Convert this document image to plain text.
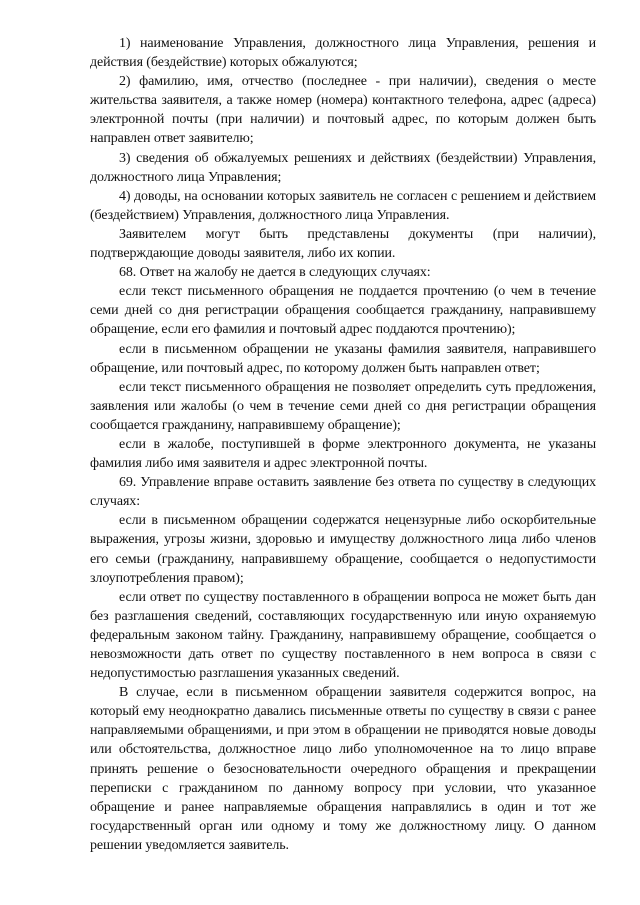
1) наименование Управления, должностного лица Управления, решения и действия (бездействие) которых обжалуются;

2) фамилию, имя, отчество (последнее - при наличии), сведения о месте жительства заявителя, а также номер (номера) контактного телефона, адрес (адреса) электронной почты (при наличии) и почтовый адрес, по которым должен быть направлен ответ заявителю;

3) сведения об обжалуемых решениях и действиях (бездействии) Управления, должностного лица Управления;

4) доводы, на основании которых заявитель не согласен с решением и действием (бездействием) Управления, должностного лица Управления.

Заявителем могут быть представлены документы (при наличии), подтверждающие доводы заявителя, либо их копии.

68. Ответ на жалобу не дается в следующих случаях:

если текст письменного обращения не поддается прочтению (о чем в течение семи дней со дня регистрации обращения сообщается гражданину, направившему обращение, если его фамилия и почтовый адрес поддаются прочтению);

если в письменном обращении не указаны фамилия заявителя, направившего обращение, или почтовый адрес, по которому должен быть направлен ответ;

если текст письменного обращения не позволяет определить суть предложения, заявления или жалобы (о чем в течение семи дней со дня регистрации обращения сообщается гражданину, направившему обращение);

если в жалобе, поступившей в форме электронного документа, не указаны фамилия либо имя заявителя и адрес электронной почты.

69. Управление вправе оставить заявление без ответа по существу в следующих случаях:

если в письменном обращении содержатся нецензурные либо оскорбительные выражения, угрозы жизни, здоровью и имуществу должностного лица либо членов его семьи (гражданину, направившему обращение, сообщается о недопустимости злоупотребления правом);

если ответ по существу поставленного в обращении вопроса не может быть дан без разглашения сведений, составляющих государственную или иную охраняемую федеральным законом тайну. Гражданину, направившему обращение, сообщается о невозможности дать ответ по существу поставленного в нем вопроса в связи с недопустимостью разглашения указанных сведений.

В случае, если в письменном обращении заявителя содержится вопрос, на который ему неоднократно давались письменные ответы по существу в связи с ранее направляемыми обращениями, и при этом в обращении не приводятся новые доводы или обстоятельства, должностное лицо либо уполномоченное на то лицо вправе принять решение о безосновательности очередного обращения и прекращении переписки с гражданином по данному вопросу при условии, что указанное обращение и ранее направляемые обращения направлялись в один и тот же государственный орган или одному и тому же должностному лицу. О данном решении уведомляется заявитель.
